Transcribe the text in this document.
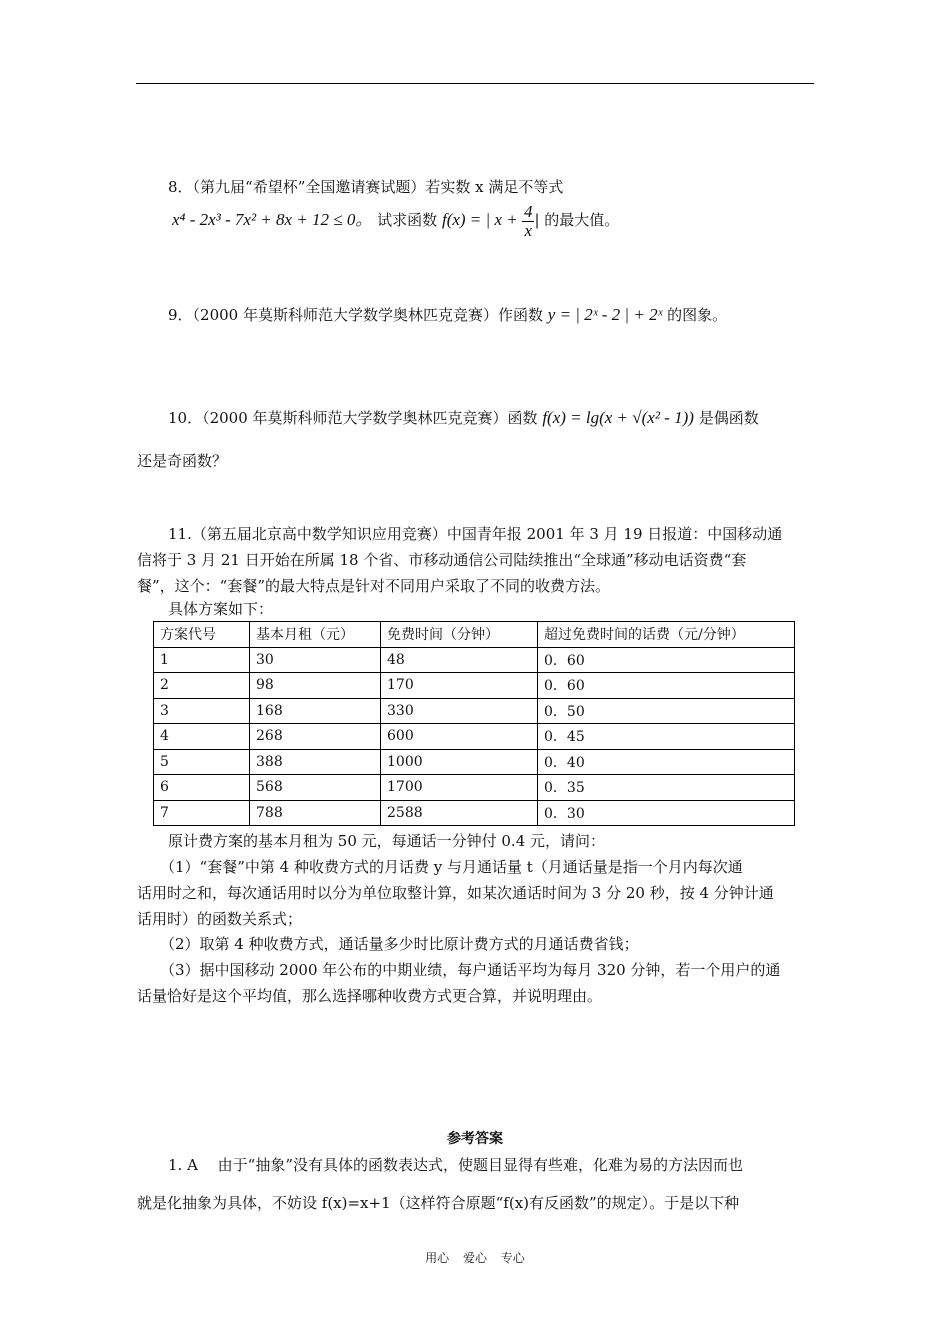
8．（第九届“希望杯”全国邀请赛试题）若实数 x 满足不等式
x⁴ - 2x³ - 7x² + 8x + 12 ≤ 0。 试求函数 f(x) = | $x + \frac{4}{x}$ | 的最大值。
9．（2000 年莫斯科师范大学数学奥林匹克竞赛）作函数 y = | 2ˣ - 2 | + 2ˣ 的图象。
10．（2000 年莫斯科师范大学数学奥林匹克竞赛）函数 f(x) = lg(x + √(x² - 1)) 是偶函数
还是奇函数？
11.（第五届北京高中数学知识应用竞赛）中国青年报 2001 年 3 月 19 日报道：中国移动通
信将于 3 月 21 日开始在所属 18 个省、市移动通信公司陆续推出“全球通”移动电话资费“套
餐”，这个：“套餐”的最大特点是针对不同用户采取了不同的收费方法。
具体方案如下：
方案代号	基本月租（元）	免费时间（分钟）	超过免费时间的话费（元/分钟）
1	30	48	0．60
2	98	170	0．60
3	168	330	0．50
4	268	600	0．45
5	388	1000	0．40
6	568	1700	0．35
7	788	2588	0．30
原计费方案的基本月租为 50 元，每通话一分钟付 0.4 元，请问：
（1）“套餐”中第 4 种收费方式的月话费 y 与月通话量 t（月通话量是指一个月内每次通
话用时之和，每次通话用时以分为单位取整计算，如某次通话时间为 3 分 20 秒，按 4 分钟计通
话用时）的函数关系式；
（2）取第 4 种收费方式，通话量多少时比原计费方式的月通话费省钱；
（3）据中国移动 2000 年公布的中期业绩，每户通话平均为每月 320 分钟，若一个用户的通
话量恰好是这个平均值，那么选择哪种收费方式更合算，并说明理由。
参考答案
1. A　 由于“抽象”没有具体的函数表达式，使题目显得有些难，化难为易的方法因而也
就是化抽象为具体，不妨设 f(x)=x+1（这样符合原题“f(x)有反函数”的规定）。于是以下种
用心 爱心 专心
